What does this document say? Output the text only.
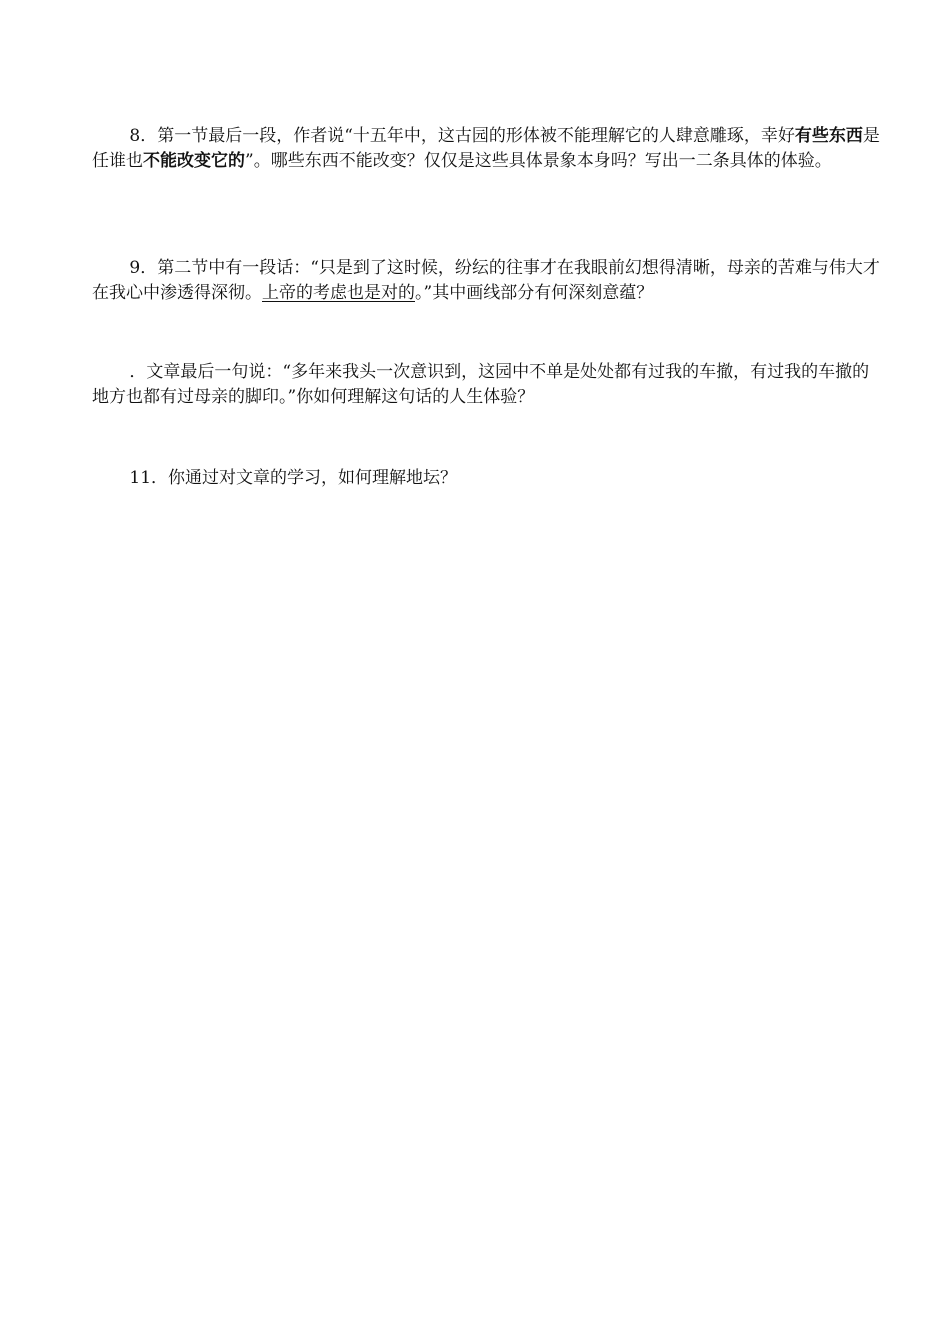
8．第一节最后一段，作者说“十五年中，这古园的形体被不能理解它的人肆意雕琢，幸好有些东西是任谁也不能改变它的”。哪些东西不能改变？仅仅是这些具体景象本身吗？写出一二条具体的体验。

9．第二节中有一段话：“只是到了这时候，纷纭的往事才在我眼前幻想得清晰，母亲的苦难与伟大才在我心中渗透得深彻。上帝的考虑也是对的。”其中画线部分有何深刻意蕴？

．文章最后一句说：“多年来我头一次意识到，这园中不单是处处都有过我的车撤，有过我的车撤的地方也都有过母亲的脚印。”你如何理解这句话的人生体验？

11．你通过对文章的学习，如何理解地坛？
